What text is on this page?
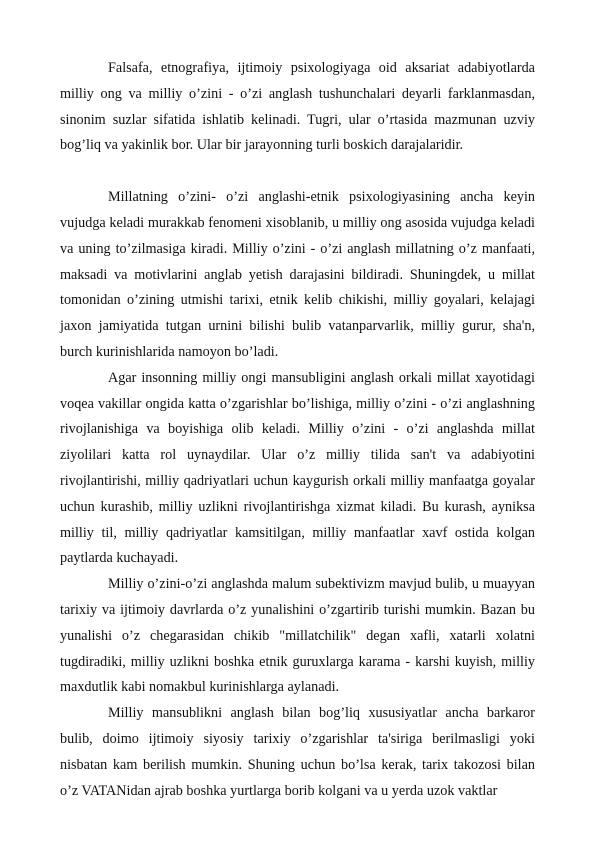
Falsafa, etnografiya, ijtimoiy psixologiyaga oid aksariat adabiyotlarda milliy ong va milliy o’zini - o’zi anglash tushunchalari deyarli farklanmasdan, sinonim suzlar sifatida ishlatib kelinadi. Tugri, ular o’rtasida mazmunan uzviy bog’liq va yakinlik bor. Ular bir jarayonning turli boskich darajalaridir.

Millatning o’zini- o’zi anglashi-etnik psixologiyasining ancha keyin vujudga keladi murakkab fenomeni xisoblanib, u milliy ong asosida vujudga keladi va uning to’zilmasiga kiradi. Milliy o’zini - o’zi anglash millatning o’z manfaati, maksadi va motivlarini anglab yetish darajasini bildiradi. Shuningdek, u millat tomonidan o’zining utmishi tarixi, etnik kelib chikishi, milliy goyalari, kelajagi jaxon jamiyatida tutgan urnini bilishi bulib vatanparvarlik, milliy gurur, sha'n, burch kurinishlarida namoyon bo’ladi.

Agar insonning milliy ongi mansubligini anglash orkali millat xayotidagi voqea vakillar ongida katta o’zgarishlar bo’lishiga, milliy o’zini - o’zi anglashning rivojlanishiga va boyishiga olib keladi. Milliy o’zini - o’zi anglashda millat ziyolilari katta rol uynaydilar. Ular o’z milliy tilida san't va adabiyotini rivojlantirishi, milliy qadriyatlari uchun kaygurish orkali milliy manfaatga goyalar uchun kurashib, milliy uzlikni rivojlantirishga xizmat kiladi. Bu kurash, ayniksa milliy til, milliy qadriyatlar kamsitilgan, milliy manfaatlar xavf ostida kolgan paytlarda kuchayadi.

Milliy o’zini-o’zi anglashda malum subektivizm mavjud bulib, u muayyan tarixiy va ijtimoiy davrlarda o’z yunalishini o’zgartirib turishi mumkin. Bazan bu yunalishi o’z chegarasidan chikib "millatchilik" degan xafli, xatarli xolatni tugdiradiki, milliy uzlikni boshka etnik guruxlarga karama - karshi kuyish, milliy maxdutlik kabi nomakbul kurinishlarga aylanadi.

Milliy mansublikni anglash bilan bog’liq xususiyatlar ancha barkaror bulib, doimo ijtimoiy siyosiy tarixiy o’zgarishlar ta'siriga berilmasligi yoki nisbatan kam berilish mumkin. Shuning uchun bo’lsa kerak, tarix takozosi bilan o’z VATANidan ajrab boshka yurtlarga borib kolgani va u yerda uzok vaktlar
